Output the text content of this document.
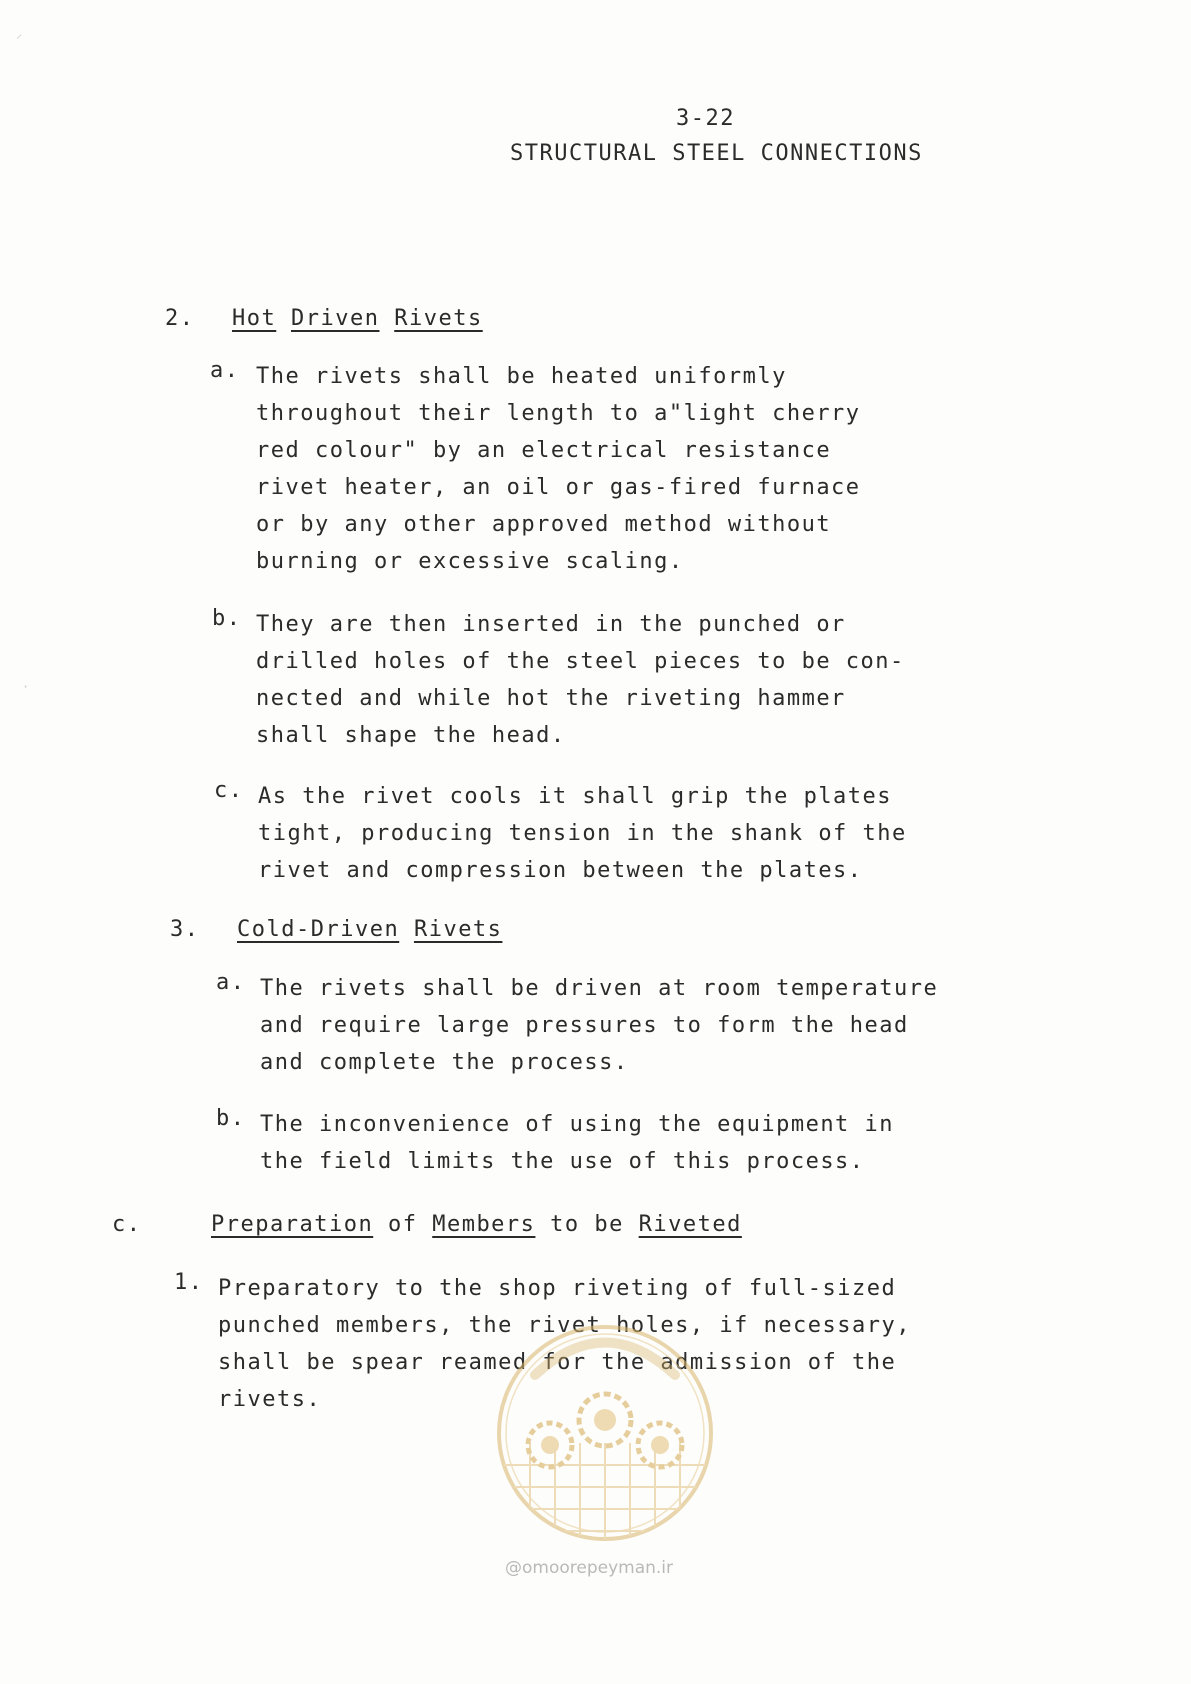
⸍
·
3-22
STRUCTURAL STEEL CONNECTIONS
2. Hot Driven Rivets
a. The rivets shall be heated uniformly
throughout their length to a"light cherry
red colour" by an electrical resistance
rivet heater, an oil or gas-fired furnace
or by any other approved method without
burning or excessive scaling.
b. They are then inserted in the punched or
drilled holes of the steel pieces to be con-
nected and while hot the riveting hammer
shall shape the head.
c. As the rivet cools it shall grip the plates
tight, producing tension in the shank of the
rivet and compression between the plates.
3. Cold-Driven Rivets
a. The rivets shall be driven at room temperature
and require large pressures to form the head
and complete the process.
b. The inconvenience of using the equipment in
the field limits the use of this process.
c.	Preparation of Members to be Riveted
1. Preparatory to the shop riveting of full-sized
punched members, the rivet holes, if necessary,
shall be spear reamed for the admission of the
rivets.
@omoorepeyman.ir
